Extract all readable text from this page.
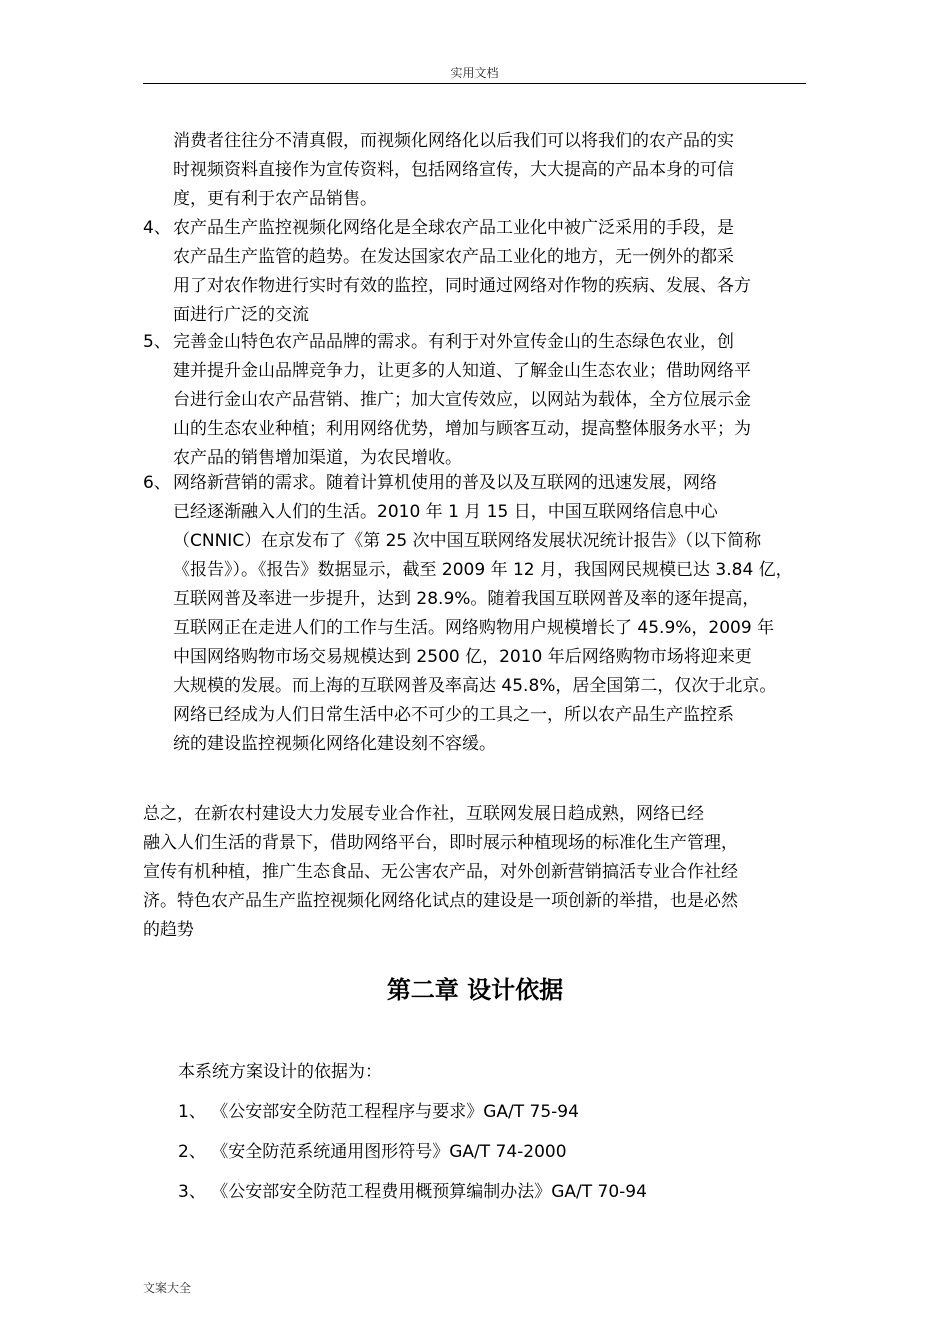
实用文档
消费者往往分不清真假，而视频化网络化以后我们可以将我们的农产品的实
时视频资料直接作为宣传资料，包括网络宣传，大大提高的产品本身的可信
度，更有利于农产品销售。
4、 农产品生产监控视频化网络化是全球农产品工业化中被广泛采用的手段，是
农产品生产监管的趋势。在发达国家农产品工业化的地方，无一例外的都采
用了对农作物进行实时有效的监控，同时通过网络对作物的疾病、发展、各方
面进行广泛的交流
5、 完善金山特色农产品品牌的需求。有利于对外宣传金山的生态绿色农业，创
建并提升金山品牌竞争力，让更多的人知道、了解金山生态农业；借助网络平
台进行金山农产品营销、推广；加大宣传效应，以网站为载体，全方位展示金
山的生态农业种植；利用网络优势，增加与顾客互动，提高整体服务水平；为
农产品的销售增加渠道，为农民增收。
6、 网络新营销的需求。随着计算机使用的普及以及互联网的迅速发展，网络
已经逐渐融入人们的生活。2010 年 1 月 15 日，中国互联网络信息中心
（CNNIC）在京发布了《第 25 次中国互联网络发展状况统计报告》（以下简称
《报告》）。《报告》数据显示，截至 2009 年 12 月，我国网民规模已达 3.84 亿，
互联网普及率进一步提升，达到 28.9%。随着我国互联网普及率的逐年提高，
互联网正在走进人们的工作与生活。网络购物用户规模增长了 45.9%，2009 年
中国网络购物市场交易规模达到 2500 亿，2010 年后网络购物市场将迎来更
大规模的发展。而上海的互联网普及率高达 45.8%，居全国第二，仅次于北京。
网络已经成为人们日常生活中必不可少的工具之一，所以农产品生产监控系
统的建设监控视频化网络化建设刻不容缓。
总之，在新农村建设大力发展专业合作社，互联网发展日趋成熟，网络已经
融入人们生活的背景下，借助网络平台，即时展示种植现场的标准化生产管理，
宣传有机种植，推广生态食品、无公害农产品，对外创新营销搞活专业合作社经
济。特色农产品生产监控视频化网络化试点的建设是一项创新的举措，也是必然
的趋势
第二章 设计依据
本系统方案设计的依据为：
1、 《公安部安全防范工程程序与要求》GA/T 75-94
2、 《安全防范系统通用图形符号》GA/T 74-2000
3、 《公安部安全防范工程费用概预算编制办法》GA/T 70-94
文案大全
